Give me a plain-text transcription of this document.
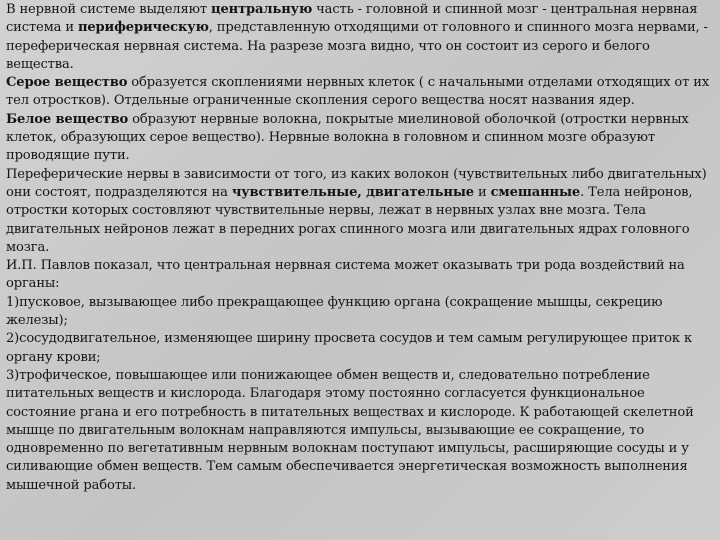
В нервной системе выделяют центральную часть - головной и спинной мозг - центральная нервная система и периферическую, представленную отходящими от головного и спинного мозга нервами, - переферическая нервная система. На разрезе мозга видно, что он состоит из серого и белого вещества.

Серое вещество образуется скоплениями нервных клеток ( с начальными отделами отходящих от их тел отростков). Отдельные ограниченные скопления серого вещества носят названия ядер.

Белое вещество образуют нервные волокна, покрытые миелиновой оболочкой (отростки нервных клеток, образующих серое вещество). Нервные волокна в головном и спинном мозге образуют проводящие пути.

Переферические нервы в зависимости от того, из каких волокон (чувствительных либо двигательных) они состоят, подразделяются на чувствительные, двигательные и смешанные. Тела нейронов, отростки которых состовляют чувствительные нервы, лежат в нервных узлах вне мозга. Тела двигательных нейронов лежат в передних рогах спинного мозга или двигательных ядрах головного мозга.

И.П. Павлов показал, что центральная нервная система может оказывать три рода воздействий на органы:

1)пусковое, вызывающее либо прекращающее функцию органа (сокращение мышцы, секрецию железы);

2)сосудодвигательное, изменяющее ширину просвета сосудов и тем самым регулирующее приток к органу крови;

3)трофическое, повышающее или понижающее обмен веществ и, следовательно потребление питательных веществ и кислорода. Благодаря этому постоянно согласуется функциональное состояние ргана и его потребность в питательных веществах и кислороде. К работающей скелетной мышце по двигательным волокнам направляются импульсы, вызывающие ее сокращение, то одновременно по вегетативным нервным волокнам поступают импульсы, расширяющие сосуды и у силивающие обмен веществ. Тем самым обеспечивается энергетическая возможность выполнения мышечной работы.
